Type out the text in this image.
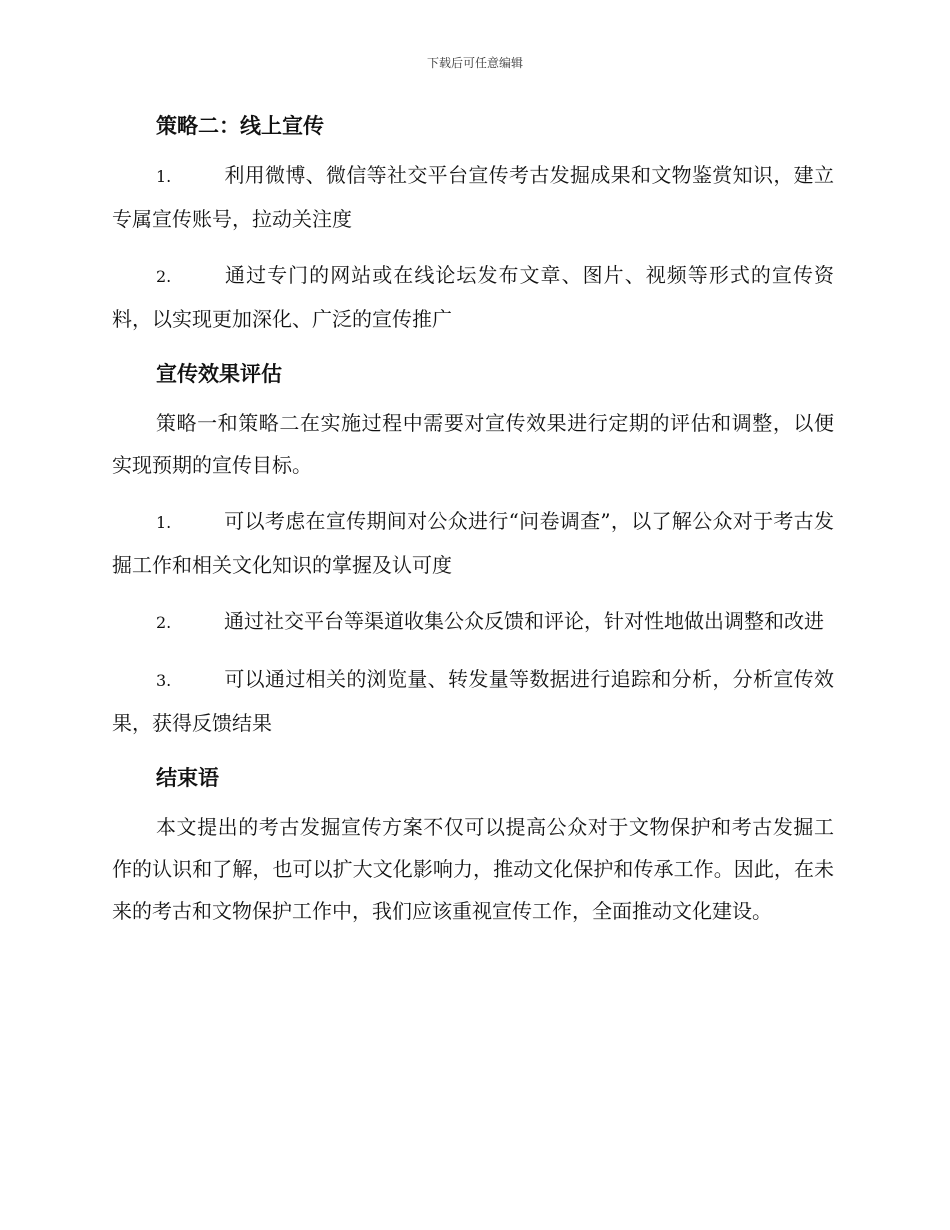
下载后可任意编辑
策略二：线上宣传

1.	利用微博、微信等社交平台宣传考古发掘成果和文物鉴赏知识，建立专属宣传账号，拉动关注度

2.	通过专门的网站或在线论坛发布文章、图片、视频等形式的宣传资料，以实现更加深化、广泛的宣传推广

宣传效果评估

策略一和策略二在实施过程中需要对宣传效果进行定期的评估和调整，以便实现预期的宣传目标。

1.	可以考虑在宣传期间对公众进行“问卷调查”，以了解公众对于考古发掘工作和相关文化知识的掌握及认可度

2.	通过社交平台等渠道收集公众反馈和评论，针对性地做出调整和改进

3.	可以通过相关的浏览量、转发量等数据进行追踪和分析，分析宣传效果，获得反馈结果

结束语

本文提出的考古发掘宣传方案不仅可以提高公众对于文物保护和考古发掘工作的认识和了解，也可以扩大文化影响力，推动文化保护和传承工作。因此，在未来的考古和文物保护工作中，我们应该重视宣传工作，全面推动文化建设。
